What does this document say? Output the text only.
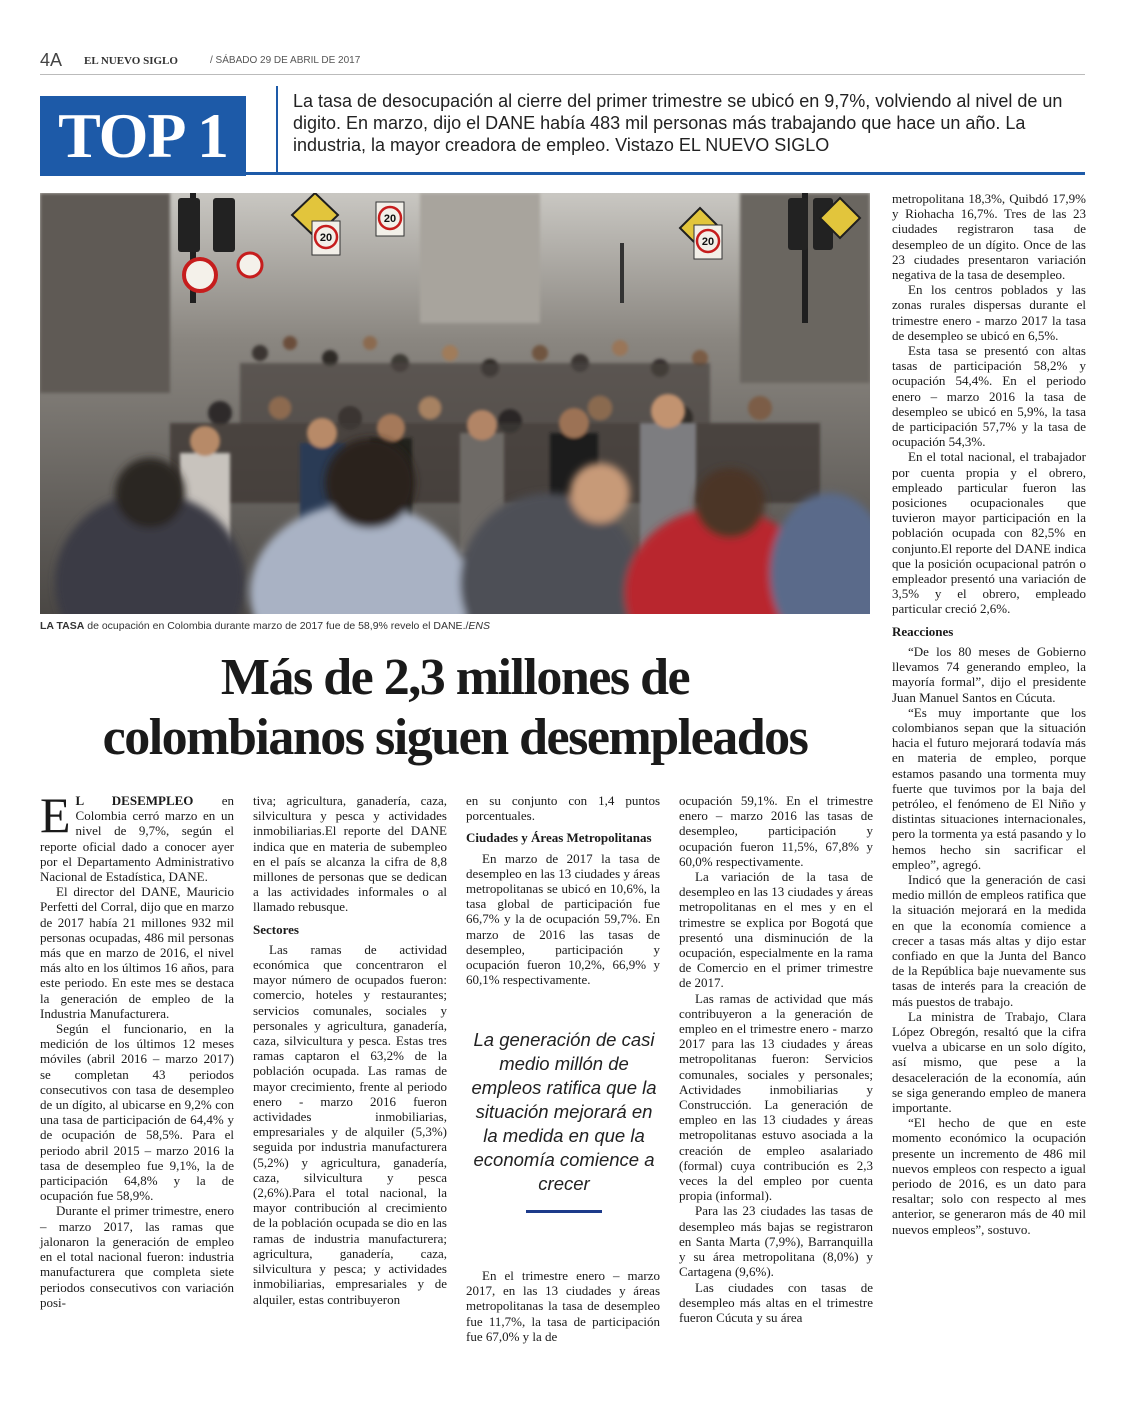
4A EL NUEVO SIGLO	/ SÁBADO 29 DE ABRIL DE 2017
TOP 1	La tasa de desocupación al cierre del primer trimestre se ubicó en 9,7%, volviendo al nivel de un digito. En marzo, dijo el DANE había 483 mil personas más trabajando que hace un año. La industria, la mayor creadora de empleo. Vistazo EL NUEVO SIGLO
20
20
20
LA TASA de ocupación en Colombia durante marzo de 2017 fue de 58,9% revelo el DANE./ENS
Más de 2,3 millones de
colombianos siguen desempleados

E L DESEMPLEO en Colombia cerró marzo en un nivel de 9,7%, según el reporte oficial dado a conocer ayer por el Departamento Administrativo Nacional de Estadística, DANE.

El director del DANE, Mauricio Perfetti del Corral, dijo que en marzo de 2017 había 21 millones 932 mil personas ocupadas, 486 mil personas más que en marzo de 2016, el nivel más alto en los últimos 16 años, para este periodo. En este mes se destaca la generación de empleo de la Industria Manufacturera.

Según el funcionario, en la medición de los últimos 12 meses móviles (abril 2016 – marzo 2017) se completan 43 periodos consecutivos con tasa de desempleo de un dígito, al ubicarse en 9,2% con una tasa de participación de 64,4% y de ocupación de 58,5%. Para el periodo abril 2015 – marzo 2016 la tasa de desempleo fue 9,1%, la de participación 64,8% y la de ocupación fue 58,9%.

Durante el primer trimestre, enero – marzo 2017, las ramas que jalonaron la generación de empleo en el total nacional fueron: industria manufacturera que completa siete periodos consecutivos con variación posi-

tiva; agricultura, ganadería, caza, silvicultura y pesca y actividades inmobiliarias.El reporte del DANE indica que en materia de subempleo en el país se alcanza la cifra de 8,8 millones de personas que se dedican a las actividades informales o al llamado rebusque.

Sectores

Las ramas de actividad económica que concentraron el mayor número de ocupados fueron: comercio, hoteles y restaurantes; servicios comunales, sociales y personales y agricultura, ganadería, caza, silvicultura y pesca. Estas tres ramas captaron el 63,2% de la población ocupada. Las ramas de mayor crecimiento, frente al periodo enero - marzo 2016 fueron actividades inmobiliarias, empresariales y de alquiler (5,3%) seguida por industria manufacturera (5,2%) y agricultura, ganadería, caza, silvicultura y pesca (2,6%).Para el total nacional, la mayor contribución al crecimiento de la población ocupada se dio en las ramas de industria manufacturera; agricultura, ganadería, caza, silvicultura y pesca; y actividades inmobiliarias, empresariales y de alquiler, estas contribuyeron

en su conjunto con 1,4 puntos porcentuales.

Ciudades y Áreas Metropolitanas

En marzo de 2017 la tasa de desempleo en las 13 ciudades y áreas metropolitanas se ubicó en 10,6%, la tasa global de participación fue 66,7% y la de ocupación 59,7%. En marzo de 2016 las tasas de desempleo, participación y ocupación fueron 10,2%, 66,9% y 60,1% respectivamente.

La generación de casi medio millón de empleos ratifica que la situación mejorará en la medida en que la economía comience a crecer

En el trimestre enero – marzo 2017, en las 13 ciudades y áreas metropolitanas la tasa de desempleo fue 11,7%, la tasa de participación fue 67,0% y la de

ocupación 59,1%. En el trimestre enero – marzo 2016 las tasas de desempleo, participación y ocupación fueron 11,5%, 67,8% y 60,0% respectivamente.

La variación de la tasa de desempleo en las 13 ciudades y áreas metropolitanas en el mes y en el trimestre se explica por Bogotá que presentó una disminución de la ocupación, especialmente en la rama de Comercio en el primer trimestre de 2017.

Las ramas de actividad que más contribuyeron a la generación de empleo en el trimestre enero - marzo 2017 para las 13 ciudades y áreas metropolitanas fueron: Servicios comunales, sociales y personales; Actividades inmobiliarias y Construcción. La generación de empleo en las 13 ciudades y áreas metropolitanas estuvo asociada a la creación de empleo asalariado (formal) cuya contribución es 2,3 veces la del empleo por cuenta propia (informal).

Para las 23 ciudades las tasas de desempleo más bajas se registraron en Santa Marta (7,9%), Barranquilla y su área metropolitana (8,0%) y Cartagena (9,6%).

Las ciudades con tasas de desempleo más altas en el trimestre fueron Cúcuta y su área

metropolitana 18,3%, Quibdó 17,9% y Riohacha 16,7%. Tres de las 23 ciudades registraron tasa de desempleo de un dígito. Once de las 23 ciudades presentaron variación negativa de la tasa de desempleo.

En los centros poblados y las zonas rurales dispersas durante el trimestre enero - marzo 2017 la tasa de desempleo se ubicó en 6,5%.

Esta tasa se presentó con altas tasas de participación 58,2% y ocupación 54,4%. En el periodo enero – marzo 2016 la tasa de desempleo se ubicó en 5,9%, la tasa de participación 57,7% y la tasa de ocupación 54,3%.

En el total nacional, el trabajador por cuenta propia y el obrero, empleado particular fueron las posiciones ocupacionales que tuvieron mayor participación en la población ocupada con 82,5% en conjunto.El reporte del DANE indica que la posición ocupacional patrón o empleador presentó una variación de 3,5% y el obrero, empleado particular creció 2,6%.

Reacciones

“De los 80 meses de Gobierno llevamos 74 generando empleo, la mayoría formal”, dijo el presidente Juan Manuel Santos en Cúcuta.

“Es muy importante que los colombianos sepan que la situación hacia el futuro mejorará todavía más en materia de empleo, porque estamos pasando una tormenta muy fuerte que tuvimos por la baja del petróleo, el fenómeno de El Niño y distintas situaciones internacionales, pero la tormenta ya está pasando y lo hemos hecho sin sacrificar el empleo”, agregó.

Indicó que la generación de casi medio millón de empleos ratifica que la situación mejorará en la medida en que la economía comience a crecer a tasas más altas y dijo estar confiado en que la Junta del Banco de la República baje nuevamente sus tasas de interés para la creación de más puestos de trabajo.

La ministra de Trabajo, Clara López Obregón, resaltó que la cifra vuelva a ubicarse en un solo dígito, así mismo, que pese a la desaceleración de la economía, aún se siga generando empleo de manera importante.

“El hecho de que en este momento económico la ocupación presente un incremento de 486 mil nuevos empleos con respecto a igual periodo de 2016, es un dato para resaltar; solo con respecto al mes anterior, se generaron más de 40 mil nuevos empleos”, sostuvo.
